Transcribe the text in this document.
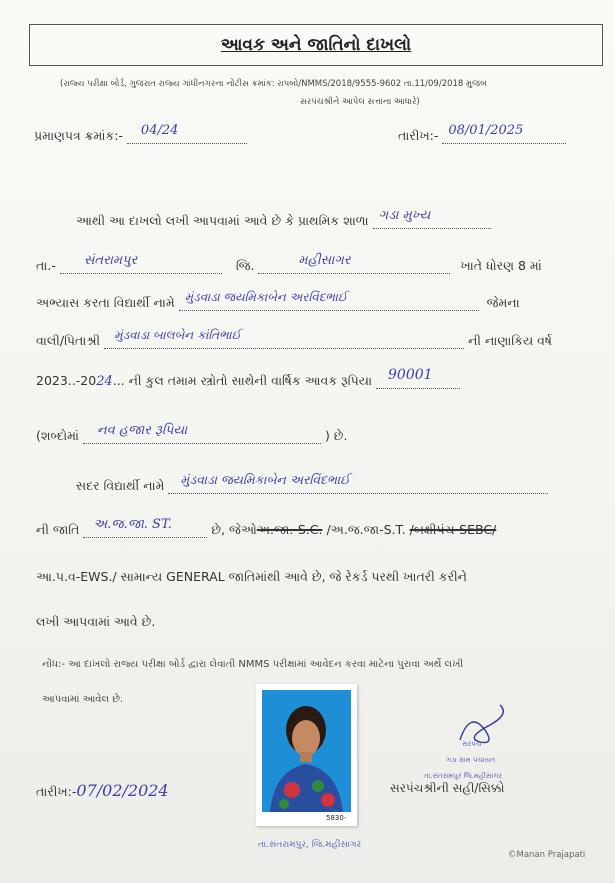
આવક અને જાતિનો દાખલો
(રાજ્ય પરીક્ષા બોર્ડ, ગુજરાત રાજ્ય ગાંધીનગરના નોટીસ ક્રમાંક: રાપબો/NMMS/2018/9555-9602 તા.11/09/2018 મુજબ
સરપંચશ્રીને આપેલ સત્તાના આધારે)
પ્રમાણપત્ર ક્રમાંક:- 04/24
	તારીખ:- 08/01/2025

આથી આ દાખલો લખી આપવામાં આવે છે કે પ્રાથમિક શાળા ગડા મુખ્ય

તા.- સંતરામપુર	જિ.	મહીસાગર	ખાતે ધોરણ 8 માં
અભ્યાસ કરતા વિદ્યાર્થી નામે મુંડવાડા જયમિકાબેન અરવિંદભાઈ	જેમના
વાલી/પિતાશ્રી મુંડવાડા બાલબેન કાંતિભાઈ	ની નાણાકિય વર્ષ
2023..-2024... ની કુલ તમામ સ્ત્રોતો સાથેની વાર્ષિક આવક રૂપિયા 90001

(શબ્દોમાં નવ હજાર રૂપિયા	) છે.
સદર વિદ્યાર્થી નામે મુંડવાડા જયમિકાબેન અરવિંદભાઈ

ની જાતિ અ.જ.જા. ST.	છે, જેઓઅ.જા.-S.C. /અ.જ.જા-S.T. /બક્ષીપંચ-SEBC/
આ.પ.વ-EWS./ સામાન્ય GENERAL જાતિમાંથી આવે છે, જે રેકર્ડ પરથી ખાતરી કરીને
લખી આપવામાં આવે છે.
નોંધ:- આ દાખલો રાજ્ય પરીક્ષા બોર્ડ દ્વારા લેવાતી NMMS પરીક્ષામાં આવેદન કરવા માટેના પુરાવા અર્થે લખી
આપવામાં આવેલ છે.
તારીખ:-07/02/2024
5830-
સરપંચ
ગડા ગ્રામ પંચાયત
તા.સંતરામપુર જિ.મહીસાગર
સરપંચશ્રીની સહી/સિક્કો
તા.સંતરામપુર, જિ.મહીસાગર
©Manan Prajapati
